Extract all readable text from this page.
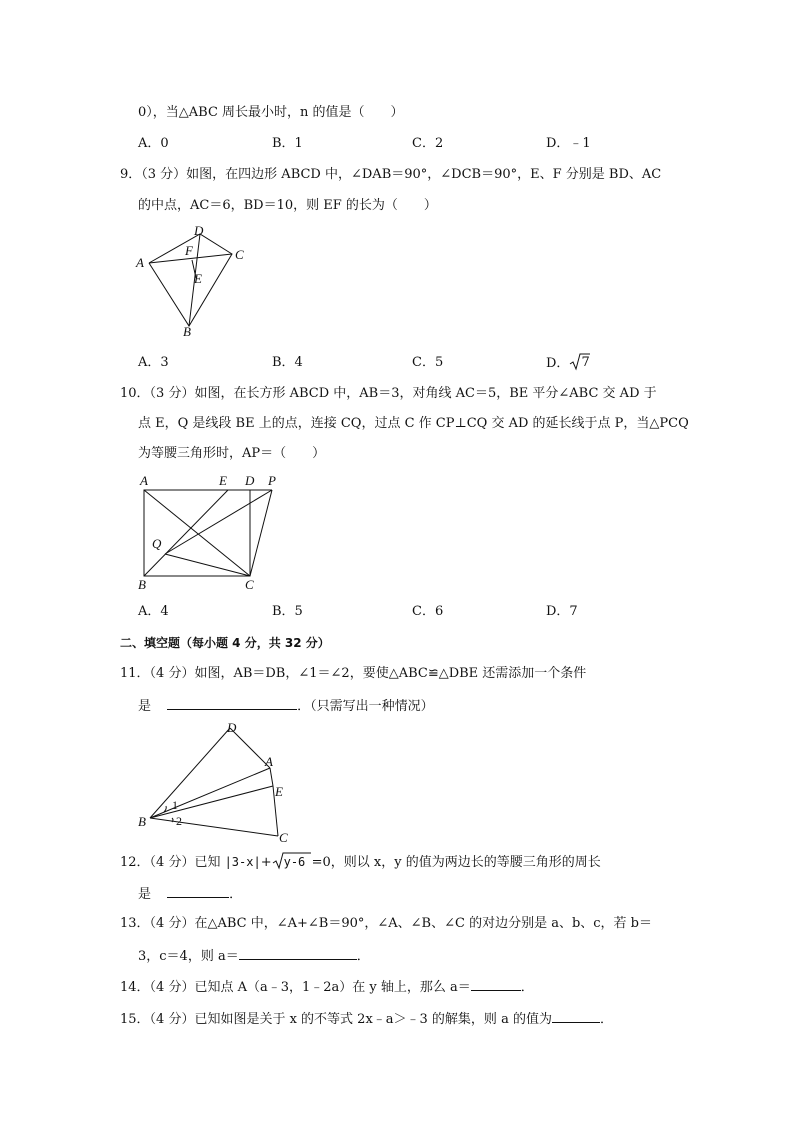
0），当△ABC 周长最小时，n 的值是（　　）
A．0	B．1	C．2	D．﹣1
9．（3 分）如图，在四边形 ABCD 中，∠DAB＝90°，∠DCB＝90°，E、F 分别是 BD、AC
的中点，AC＝6，BD＝10，则 EF 的长为（　　）
D
A
C
F
E
B
A．3	B．4	C．5	D． 7
10．（3 分）如图，在长方形 ABCD 中，AB＝3，对角线 AC＝5，BE 平分∠ABC 交 AD 于
点 E，Q 是线段 BE 上的点，连接 CQ，过点 C 作 CP⊥CQ 交 AD 的延长线于点 P，当△PCQ
为等腰三角形时，AP＝（　　）
A	E D P
Q
B	C
A．4	B．5	C．6	D．7
二、填空题（每小题 4 分，共 32 分）
11．（4 分）如图，AB＝DB，∠1＝∠2，要使△ABC≌△DBE 还需添加一个条件
是	．（只需写出一种情况）
D
A
E
B
C
1
2
12．（4 分）已知 |3-x|+ y-6 =0，则以 x，y 的值为两边长的等腰三角形的周长
是	．
13．（4 分）在△ABC 中，∠A+∠B＝90°，∠A、∠B、∠C 的对边分别是 a、b、c，若 b＝
3，c＝4，则 a＝	．
14．（4 分）已知点 A（a﹣3，1﹣2a）在 y 轴上，那么 a＝	．
15．（4 分）已知如图是关于 x 的不等式 2x﹣a＞﹣3 的解集，则 a 的值为	．
